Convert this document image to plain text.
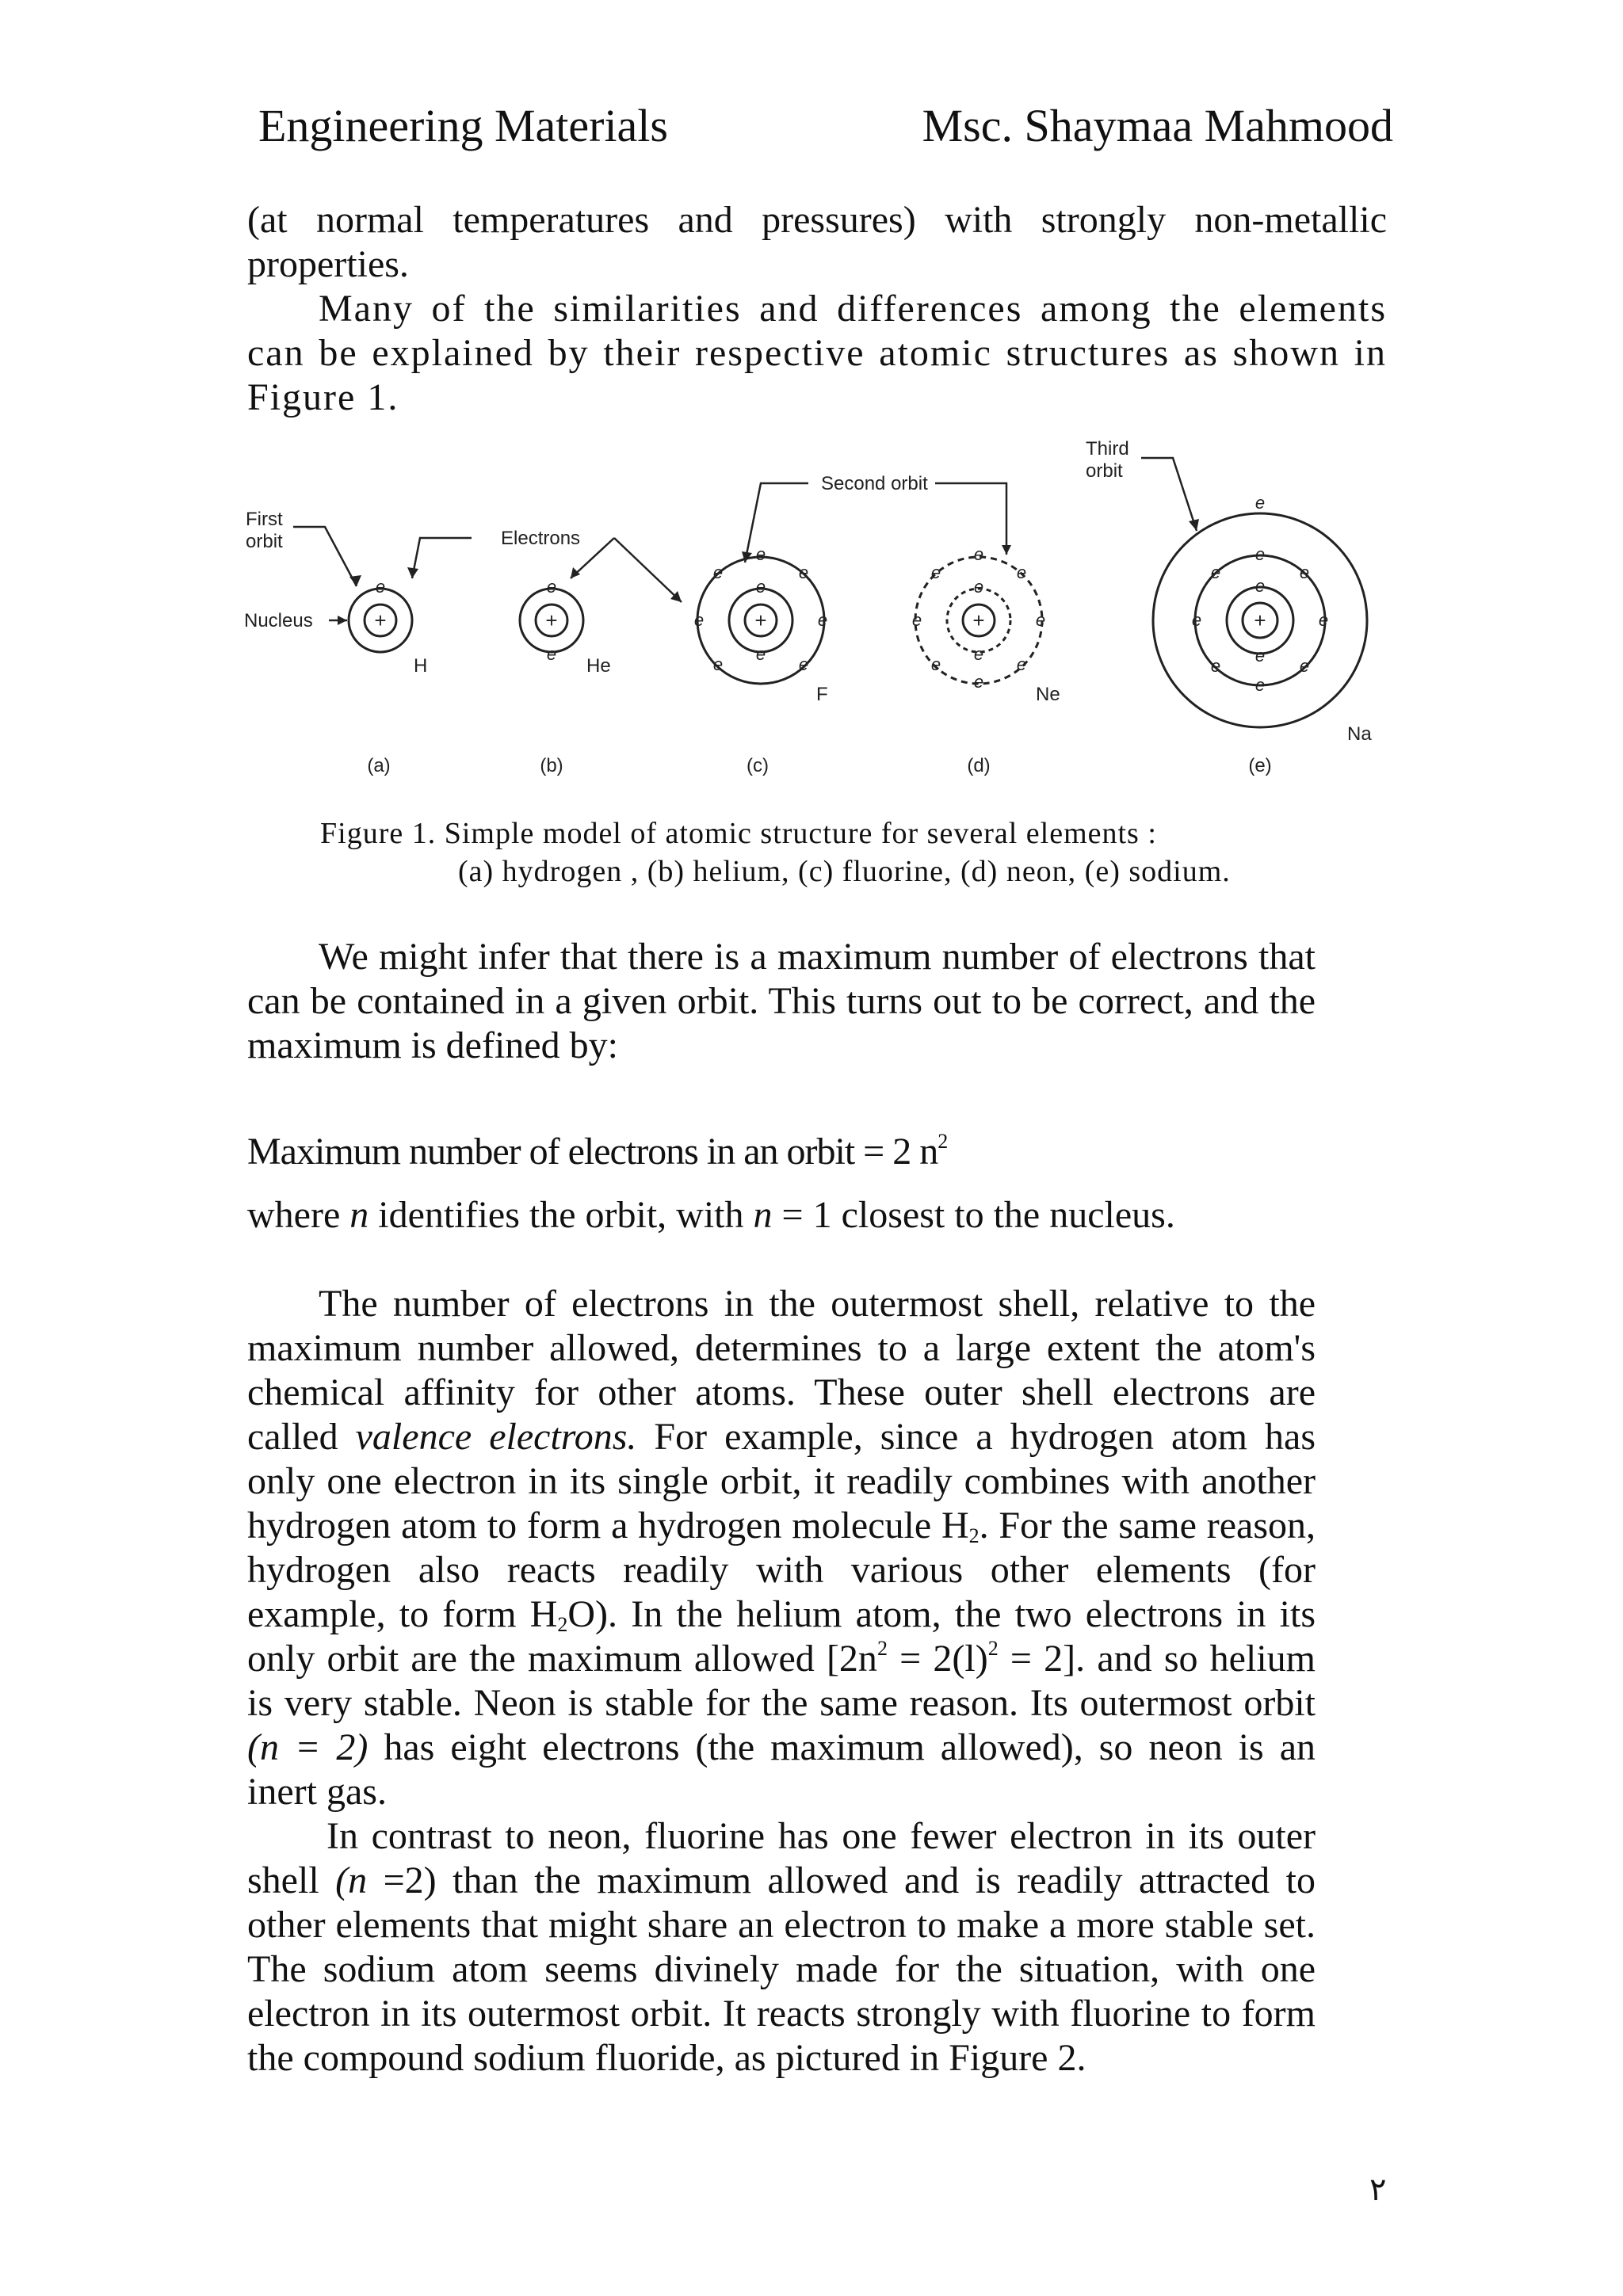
Engineering Materials	Msc. Shaymaa Mahmood

(at normal temperatures and pressures) with strongly non-metallic properties.

Many of the similarities and differences among the elements can be explained by their respective atomic structures as shown in Figure 1.

+	+	+	+	+
e	e
e
e
e
e
e	e
e	e
e	e
e
e
e
e
e	e
e	e
e	e
e
e
e
e
e	e
e	e
e	e
e
First
orbit
Nucleus
Electrons
Second orbit
Third
orbit
H	He
F	Ne
Na
(a)	(b)	(c)	(d)	(e)
Figure 1. Simple model of atomic structure for several elements :
(a) hydrogen , (b) helium, (c) fluorine, (d) neon, (e) sodium.

We might infer that there is a maximum number of electrons that can be contained in a given orbit. This turns out to be correct, and the maximum is defined by:

Maximum number of electrons in an orbit = 2 $n^2$
where n identifies the orbit, with n = 1 closest to the nucleus.

The number of electrons in the outermost shell, relative to the maximum number allowed, determines to a large extent the atom's chemical affinity for other atoms. These outer shell electrons are called valence electrons. For example, since a hydrogen atom has only one electron in its single orbit, it readily combines with another hydrogen atom to form a hydrogen molecule $H_2$. For the same reason, hydrogen also reacts readily with various other elements (for example, to form $H_2O$). In the helium atom, the two electrons in its only orbit are the maximum allowed $[2n^2 = 2(l)^2 = 2]$. and so helium is very stable. Neon is stable for the same reason. Its outermost orbit (n = 2) has eight electrons (the maximum allowed), so neon is an inert gas.

In contrast to neon, fluorine has one fewer electron in its outer shell (n =2) than the maximum allowed and is readily attracted to other elements that might share an electron to make a more stable set. The sodium atom seems divinely made for the situation, with one electron in its outermost orbit. It reacts strongly with fluorine to form the compound sodium fluoride, as pictured in Figure 2.

٢
